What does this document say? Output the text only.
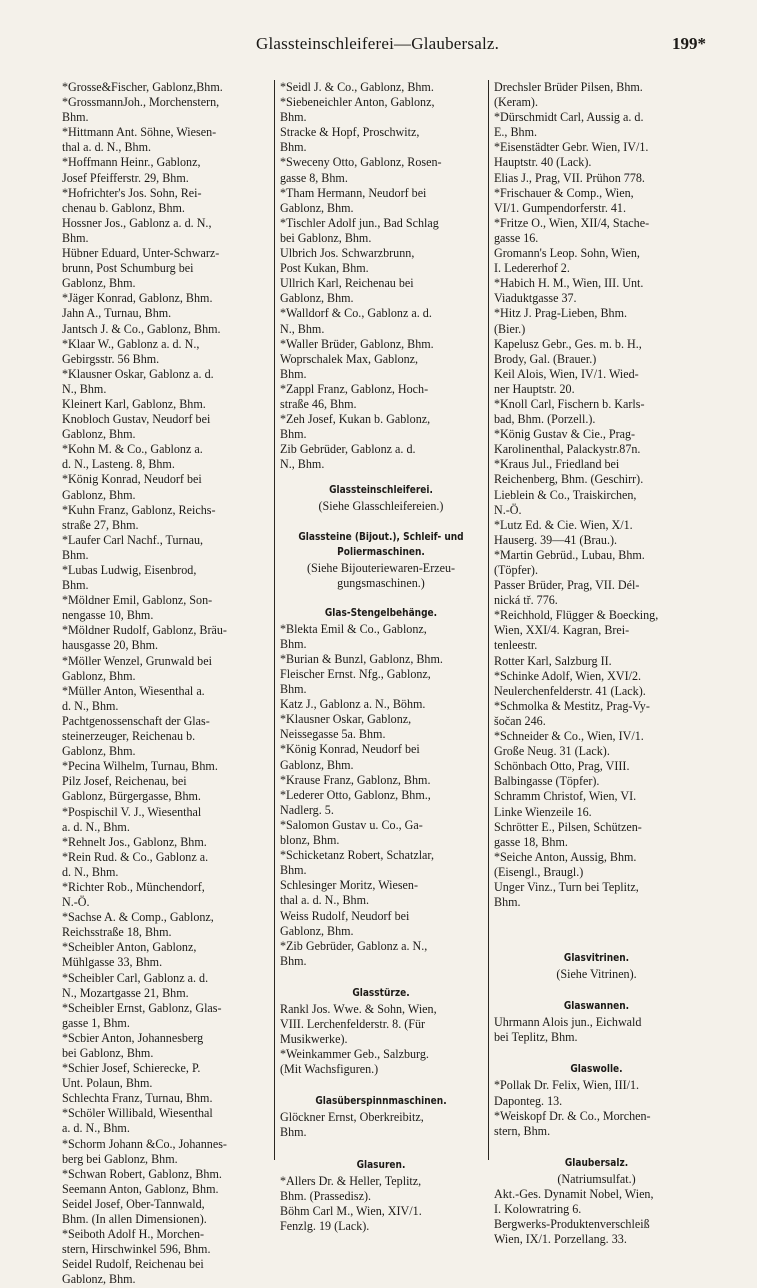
Glassteinschleiferei—Glaubersalz.	199*
*Grosse&Fischer, Gablonz,Bhm.
*GrossmannJoh., Morchenstern,
Bhm.
*Hittmann Ant. Söhne, Wiesen-
thal a. d. N., Bhm.
*Hoffmann Heinr., Gablonz,
Josef Pfeifferstr. 29, Bhm.
*Hofrichter's Jos. Sohn, Rei-
chenau b. Gablonz, Bhm.
Hossner Jos., Gablonz a. d. N.,
Bhm.
Hübner Eduard, Unter-Schwarz-
brunn, Post Schumburg bei
Gablonz, Bhm.
*Jäger Konrad, Gablonz, Bhm.
Jahn A., Turnau, Bhm.
Jantsch J. & Co., Gablonz, Bhm.
*Klaar W., Gablonz a. d. N.,
Gebirgsstr. 56 Bhm.
*Klausner Oskar, Gablonz a. d.
N., Bhm.
Kleinert Karl, Gablonz, Bhm.
Knobloch Gustav, Neudorf bei
Gablonz, Bhm.
*Kohn M. & Co., Gablonz a.
d. N., Lasteng. 8, Bhm.
*König Konrad, Neudorf bei
Gablonz, Bhm.
*Kuhn Franz, Gablonz, Reichs-
straße 27, Bhm.
*Laufer Carl Nachf., Turnau,
Bhm.
*Lubas Ludwig, Eisenbrod,
Bhm.
*Möldner Emil, Gablonz, Son-
nengasse 10, Bhm.
*Möldner Rudolf, Gablonz, Bräu-
hausgasse 20, Bhm.
*Möller Wenzel, Grunwald bei
Gablonz, Bhm.
*Müller Anton, Wiesenthal a.
d. N., Bhm.
Pachtgenossenschaft der Glas-
steinerzeuger, Reichenau b.
Gablonz, Bhm.
*Pecina Wilhelm, Turnau, Bhm.
Pilz Josef, Reichenau, bei
Gablonz, Bürgergasse, Bhm.
*Pospischil V. J., Wiesenthal
a. d. N., Bhm.
*Rehnelt Jos., Gablonz, Bhm.
*Rein Rud. & Co., Gablonz a.
d. N., Bhm.
*Richter Rob., Münchendorf,
N.-Ö.
*Sachse A. & Comp., Gablonz,
Reichsstraße 18, Bhm.
*Scheibler Anton, Gablonz,
Mühlgasse 33, Bhm.
*Scheibler Carl, Gablonz a. d.
N., Mozartgasse 21, Bhm.
*Scheibler Ernst, Gablonz, Glas-
gasse 1, Bhm.
*Scbier Anton, Johannesberg
bei Gablonz, Bhm.
*Schier Josef, Schierecke, P.
Unt. Polaun, Bhm.
Schlechta Franz, Turnau, Bhm.
*Schöler Willibald, Wiesenthal
a. d. N., Bhm.
*Schorm Johann &Co., Johannes-
berg bei Gablonz, Bhm.
*Schwan Robert, Gablonz, Bhm.
Seemann Anton, Gablonz, Bhm.
Seidel Josef, Ober-Tannwald,
Bhm. (In allen Dimensionen).
*Seiboth Adolf H., Morchen-
stern, Hirschwinkel 596, Bhm.
Seidel Rudolf, Reichenau bei
Gablonz, Bhm.
*Seidl J. & Co., Gablonz, Bhm.
*Siebeneichler Anton, Gablonz,
Bhm.
Stracke & Hopf, Proschwitz,
Bhm.
*Sweceny Otto, Gablonz, Rosen-
gasse 8, Bhm.
*Tham Hermann, Neudorf bei
Gablonz, Bhm.
*Tischler Adolf jun., Bad Schlag
bei Gablonz, Bhm.
Ulbrich Jos. Schwarzbrunn,
Post Kukan, Bhm.
Ullrich Karl, Reichenau bei
Gablonz, Bhm.
*Walldorf & Co., Gablonz a. d.
N., Bhm.
*Waller Brüder, Gablonz, Bhm.
Woprschalek Max, Gablonz,
Bhm.
*Zappl Franz, Gablonz, Hoch-
straße 46, Bhm.
*Zeh Josef, Kukan b. Gablonz,
Bhm.
Zib Gebrüder, Gablonz a. d.
N., Bhm.
Glassteinschleiferei.
(Siehe Glasschleifereien.)
Glassteine (Bijout.), Schleif- und
Poliermaschinen.
(Siehe Bijouteriewaren-Erzeu-
gungsmaschinen.)
Glas-Stengelbehänge.
*Blekta Emil & Co., Gablonz,
Bhm.
*Burian & Bunzl, Gablonz, Bhm.
Fleischer Ernst. Nfg., Gablonz,
Bhm.
Katz J., Gablonz a. N., Böhm.
*Klausner Oskar, Gablonz,
Neissegasse 5a. Bhm.
*König Konrad, Neudorf bei
Gablonz, Bhm.
*Krause Franz, Gablonz, Bhm.
*Lederer Otto, Gablonz, Bhm.,
Nadlerg. 5.
*Salomon Gustav u. Co., Ga-
blonz, Bhm.
*Schicketanz Robert, Schatzlar,
Bhm.
Schlesinger Moritz, Wiesen-
thal a. d. N., Bhm.
Weiss Rudolf, Neudorf bei
Gablonz, Bhm.
*Zib Gebrüder, Gablonz a. N.,
Bhm.
Glasstürze.
Rankl Jos. Wwe. & Sohn, Wien,
VIII. Lerchenfelderstr. 8. (Für
Musikwerke).
*Weinkammer Geb., Salzburg.
(Mit Wachsfiguren.)
Glasüberspinnmaschinen.
Glöckner Ernst, Oberkreibitz,
Bhm.
Glasuren.
*Allers Dr. & Heller, Teplitz,
Bhm. (Prassedisz).
Böhm Carl M., Wien, XIV/1.
Fenzlg. 19 (Lack).
Drechsler Brüder Pilsen, Bhm.
(Keram).
*Dürschmidt Carl, Aussig a. d.
E., Bhm.
*Eisenstädter Gebr. Wien, IV/1.
Hauptstr. 40 (Lack).
Elias J., Prag, VII. Prühon 778.
*Frischauer & Comp., Wien,
VI/1. Gumpendorferstr. 41.
*Fritze O., Wien, XII/4, Stache-
gasse 16.
Gromann's Leop. Sohn, Wien,
I. Ledererhof 2.
*Habich H. M., Wien, III. Unt.
Viaduktgasse 37.
*Hitz J. Prag-Lieben, Bhm.
(Bier.)
Kapelusz Gebr., Ges. m. b. H.,
Brody, Gal. (Brauer.)
Keil Alois, Wien, IV/1. Wied-
ner Hauptstr. 20.
*Knoll Carl, Fischern b. Karls-
bad, Bhm. (Porzell.).
*König Gustav & Cie., Prag-
Karolinenthal, Palackystr.87n.
*Kraus Jul., Friedland bei
Reichenberg, Bhm. (Geschirr).
Lieblein & Co., Traiskirchen,
N.-Ö.
*Lutz Ed. & Cie. Wien, X/1.
Hauserg. 39—41 (Brau.).
*Martin Gebrüd., Lubau, Bhm.
(Töpfer).
Passer Brüder, Prag, VII. Dél-
nická tř. 776.
*Reichhold, Flügger & Boecking,
Wien, XXI/4. Kagran, Brei-
tenleestr.
Rotter Karl, Salzburg II.
*Schinke Adolf, Wien, XVI/2.
Neulerchenfelderstr. 41 (Lack).
*Schmolka & Mestitz, Prag-Vy-
šočan 246.
*Schneider & Co., Wien, IV/1.
Große Neug. 31 (Lack).
Schönbach Otto, Prag, VIII.
Balbingasse (Töpfer).
Schramm Christof, Wien, VI.
Linke Wienzeile 16.
Schrötter E., Pilsen, Schützen-
gasse 18, Bhm.
*Seiche Anton, Aussig, Bhm.
(Eisengl., Braugl.)
Unger Vinz., Turn bei Teplitz,
Bhm.
Glasvitrinen.
(Siehe Vitrinen).
Glaswannen.
Uhrmann Alois jun., Eichwald
bei Teplitz, Bhm.
Glaswolle.
*Pollak Dr. Felix, Wien, III/1.
Daponteg. 13.
*Weiskopf Dr. & Co., Morchen-
stern, Bhm.
Glaubersalz.
(Natriumsulfat.)
Akt.-Ges. Dynamit Nobel, Wien,
I. Kolowratring 6.
Bergwerks-Produktenverschleiß
Wien, IX/1. Porzellang. 33.
